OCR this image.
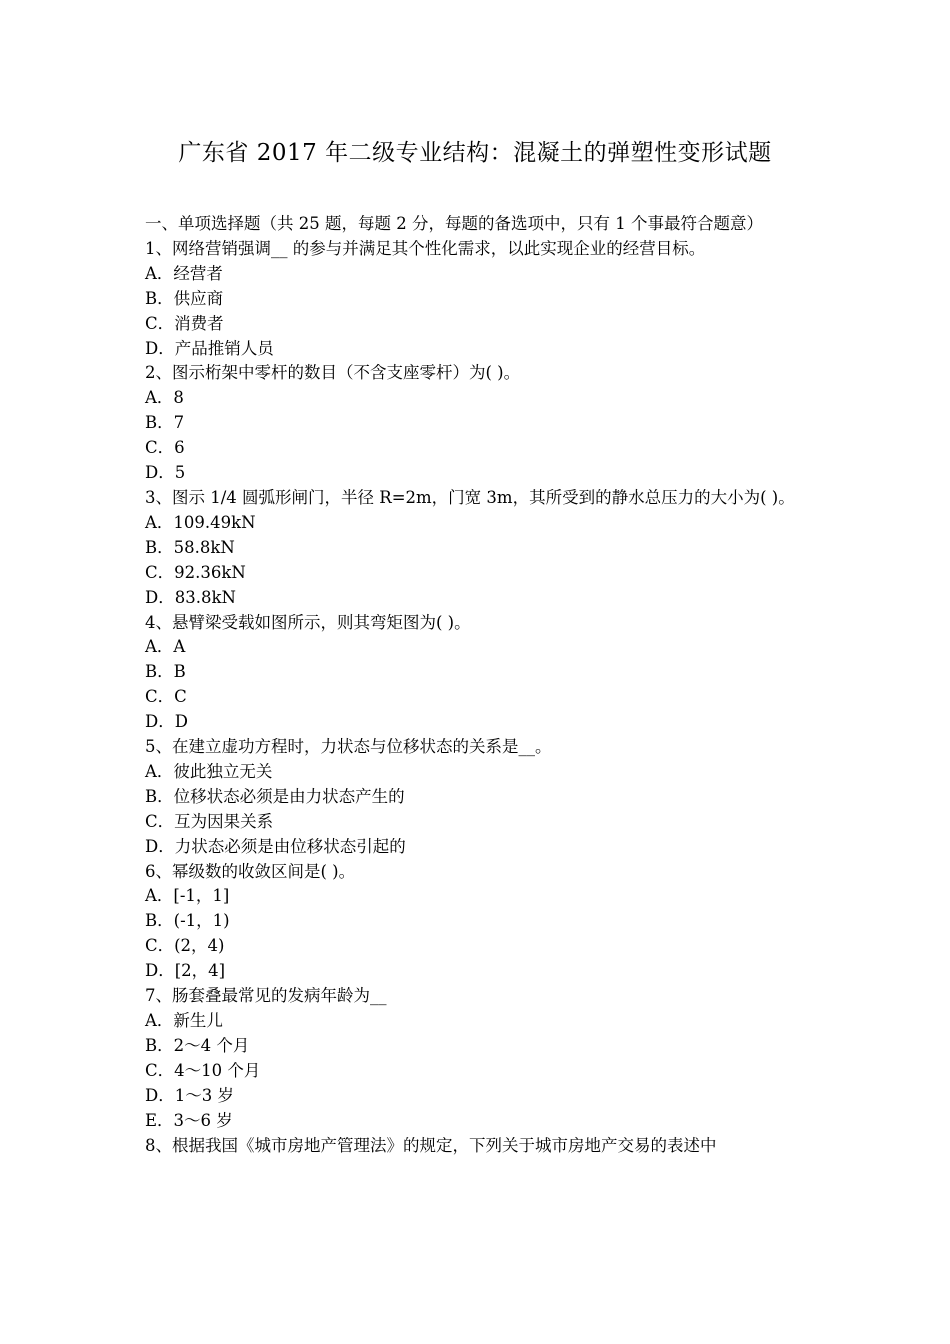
广东省 2017 年二级专业结构：混凝土的弹塑性变形试题
一、单项选择题（共 25 题，每题 2 分，每题的备选项中，只有 1 个事最符合题意）
1、网络营销强调__ 的参与并满足其个性化需求，以此实现企业的经营目标。
A．经营者
B．供应商
C．消费者
D．产品推销人员
2、图示桁架中零杆的数目（不含支座零杆）为( )。
A．8
B．7
C．6
D．5
3、图示 1/4 圆弧形闸门，半径 R=2m，门宽 3m，其所受到的静水总压力的大小为( )。
A．109.49kN
B．58.8kN
C．92.36kN
D．83.8kN
4、悬臂梁受载如图所示，则其弯矩图为( )。
A．A
B．B
C．C
D．D
5、在建立虚功方程时，力状态与位移状态的关系是__。
A．彼此独立无关
B．位移状态必须是由力状态产生的
C．互为因果关系
D．力状态必须是由位移状态引起的
6、幂级数的收敛区间是( )。
A．[-1，1]
B．(-1，1)
C．(2，4)
D．[2，4]
7、肠套叠最常见的发病年龄为__
A．新生儿
B．2～4 个月
C．4～10 个月
D．1～3 岁
E．3～6 岁
8、根据我国《城市房地产管理法》的规定，下列关于城市房地产交易的表述中
